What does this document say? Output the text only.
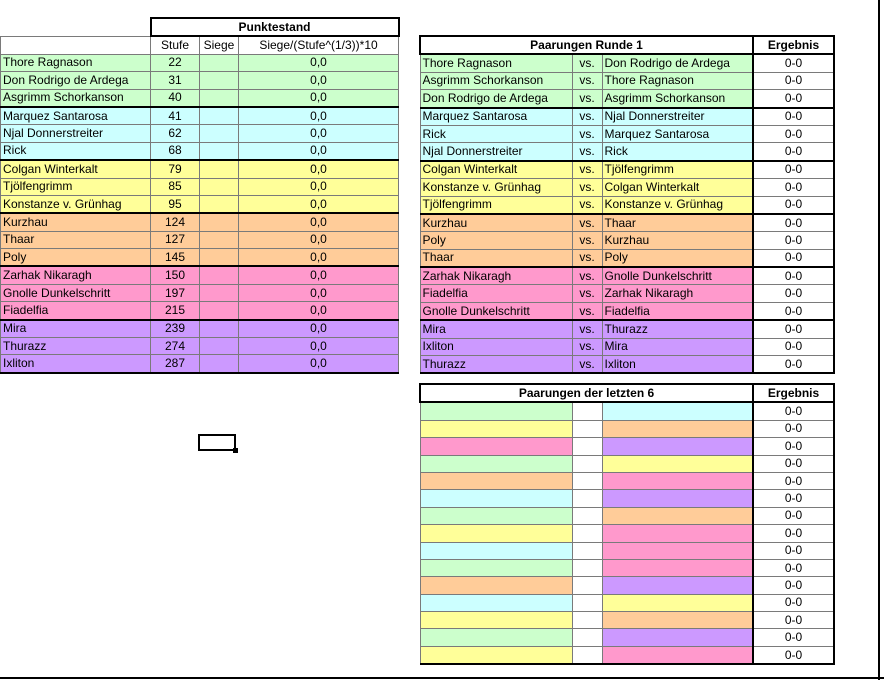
	Punktestand		
	Stufe	Siege	Siege/(Stufe^(1/3))*10
Thore Ragnason	22		0,0
Don Rodrigo de Ardega	31		0,0
Asgrimm Schorkanson	40		0,0
Marquez Santarosa	41		0,0
Njal Donnerstreiter	62		0,0
Rick	68		0,0
Colgan Winterkalt	79		0,0
Tjölfengrimm	85		0,0
Konstanze v. Grünhag	95		0,0
Kurzhau	124		0,0
Thaar	127		0,0
Poly	145		0,0
Zarhak Nikaragh	150		0,0
Gnolle Dunkelschritt	197		0,0
Fiadelfia	215		0,0
Mira	239		0,0
Thurazz	274		0,0
Ixliton	287		0,0
Paarungen Runde 1			Ergebnis
Thore Ragnason	vs.	Don Rodrigo de Ardega	0-0
Asgrimm Schorkanson	vs.	Thore Ragnason	0-0
Don Rodrigo de Ardega	vs.	Asgrimm Schorkanson	0-0
Marquez Santarosa	vs.	Njal Donnerstreiter	0-0
Rick	vs.	Marquez Santarosa	0-0
Njal Donnerstreiter	vs.	Rick	0-0
Colgan Winterkalt	vs.	Tjölfengrimm	0-0
Konstanze v. Grünhag	vs.	Colgan Winterkalt	0-0
Tjölfengrimm	vs.	Konstanze v. Grünhag	0-0
Kurzhau	vs.	Thaar	0-0
Poly	vs.	Kurzhau	0-0
Thaar	vs.	Poly	0-0
Zarhak Nikaragh	vs.	Gnolle Dunkelschritt	0-0
Fiadelfia	vs.	Zarhak Nikaragh	0-0
Gnolle Dunkelschritt	vs.	Fiadelfia	0-0
Mira	vs.	Thurazz	0-0
Ixliton	vs.	Mira	0-0
Thurazz	vs.	Ixliton	0-0
Paarungen der letzten 6			Ergebnis
			0-0
			0-0
			0-0
			0-0
			0-0
			0-0
			0-0
			0-0
			0-0
			0-0
			0-0
			0-0
			0-0
			0-0
			0-0
